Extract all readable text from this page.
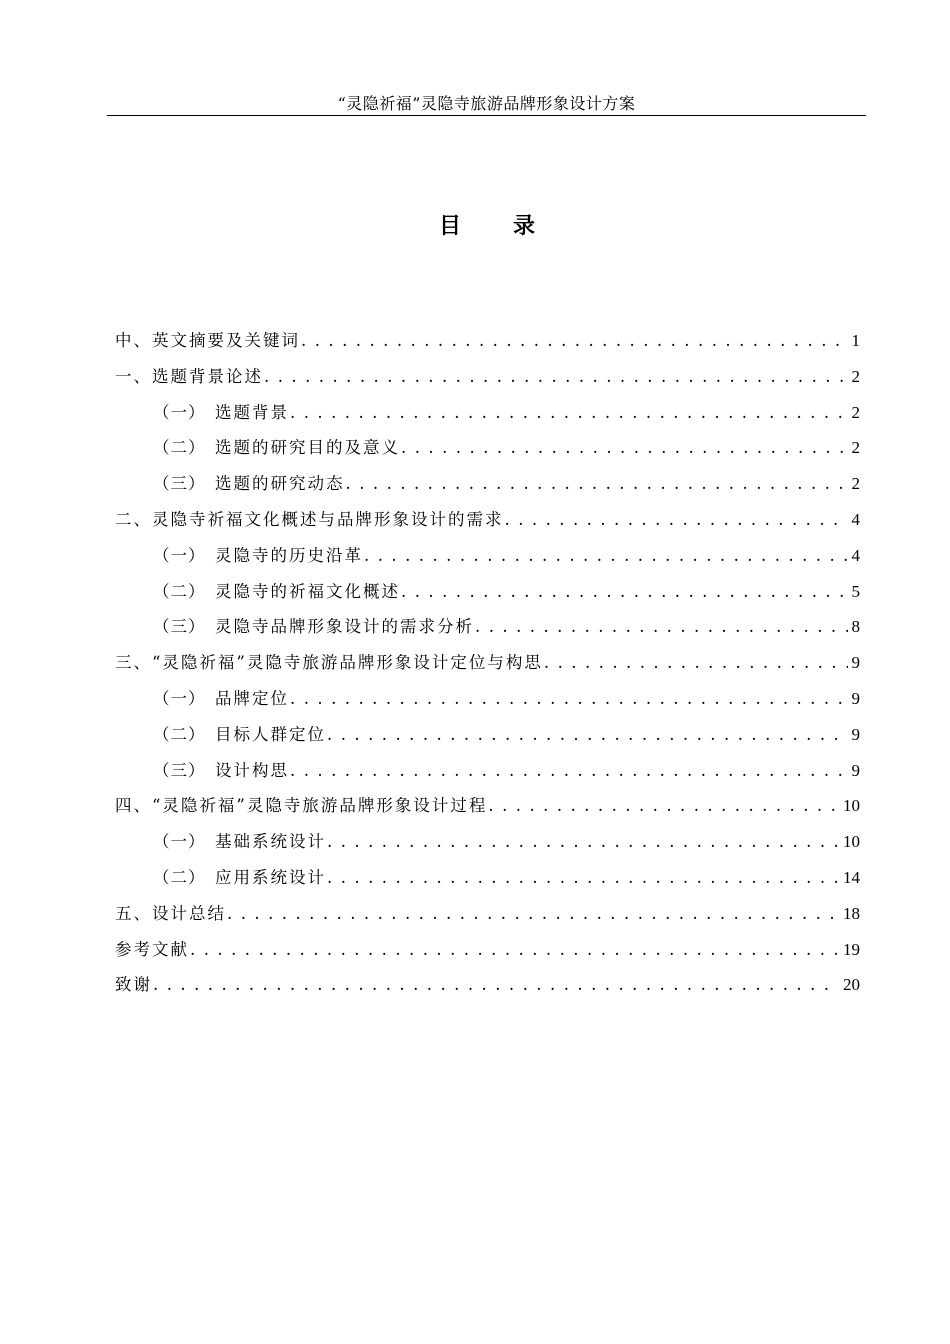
“灵隐祈福”灵隐寺旅游品牌形象设计方案
目 录
中、英文摘要及关键词 . . .	1
一、选题背景论述 . . .	2
（一） 选题背景 . . .	2
（二） 选题的研究目的及意义 . . .	2
（三） 选题的研究动态 . . .	2
二、灵隐寺祈福文化概述与品牌形象设计的需求 . . .	4
（一） 灵隐寺的历史沿革 . . .	4
（二） 灵隐寺的祈福文化概述 . . .	5
（三） 灵隐寺品牌形象设计的需求分析 . . .	8
三、“灵隐祈福”灵隐寺旅游品牌形象设计定位与构思 . . .	9
（一） 品牌定位 . . .	9
（二） 目标人群定位 . . .	9
（三） 设计构思 . . .	9
四、“灵隐祈福”灵隐寺旅游品牌形象设计过程 . . .	10
（一） 基础系统设计 . . .	10
（二） 应用系统设计 . . .	14
五、设计总结 . . .	18
参考文献 . . .	19
致谢 . . .	20
